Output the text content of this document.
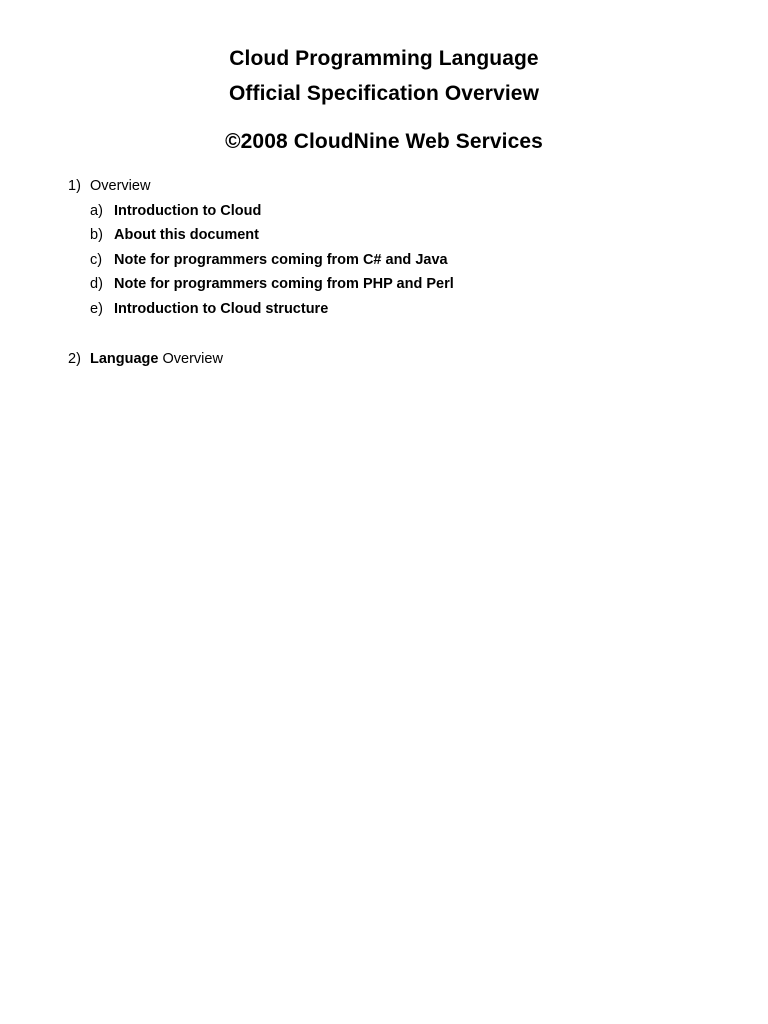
Cloud Programming Language
Official Specification Overview
©2008 CloudNine Web Services
1) Overview
a) Introduction to Cloud
b) About this document
c) Note for programmers coming from C# and Java
d) Note for programmers coming from PHP and Perl
e) Introduction to Cloud structure
2) Language Overview
